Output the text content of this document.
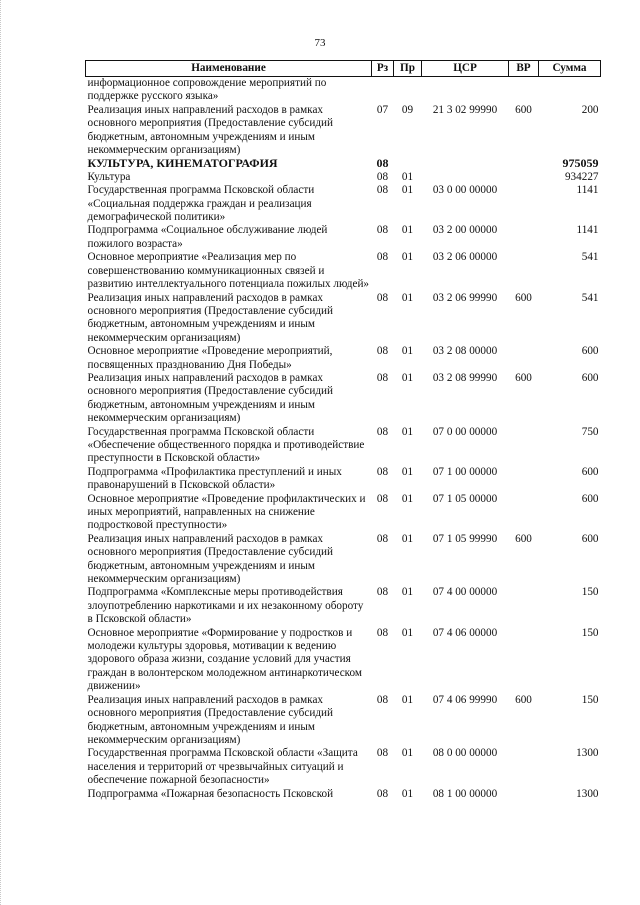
73
Наименование	Рз	Пр	ЦСР	ВР	Сумма
информационное сопровождение мероприятий по поддержке русского языка»					
Реализация иных направлений расходов в рамках основного мероприятия (Предоставление субсидий бюджетным, автономным учреждениям и иным некоммерческим организациям)	07	09	21 3 02 99990	600	200
КУЛЬТУРА, КИНЕМАТОГРАФИЯ	08				975059
Культура	08	01			934227
Государственная программа Псковской области «Социальная поддержка граждан и реализация демографической политики»	08	01	03 0 00 00000		1141
Подпрограмма «Социальное обслуживание людей пожилого возраста»	08	01	03 2 00 00000		1141
Основное мероприятие «Реализация мер по совершенствованию коммуникационных связей и развитию интеллектуального потенциала пожилых людей»	08	01	03 2 06 00000		541
Реализация иных направлений расходов в рамках основного мероприятия (Предоставление субсидий бюджетным, автономным учреждениям и иным некоммерческим организациям)	08	01	03 2 06 99990	600	541
Основное мероприятие «Проведение мероприятий, посвященных празднованию Дня Победы»	08	01	03 2 08 00000		600
Реализация иных направлений расходов в рамках основного мероприятия (Предоставление субсидий бюджетным, автономным учреждениям и иным некоммерческим организациям)	08	01	03 2 08 99990	600	600
Государственная программа Псковской области «Обеспечение общественного порядка и противодействие преступности в Псковской области»	08	01	07 0 00 00000		750
Подпрограмма «Профилактика преступлений и иных правонарушений в Псковской области»	08	01	07 1 00 00000		600
Основное мероприятие «Проведение профилактических и иных мероприятий, направленных на снижение подростковой преступности»	08	01	07 1 05 00000		600
Реализация иных направлений расходов в рамках основного мероприятия (Предоставление субсидий бюджетным, автономным учреждениям и иным некоммерческим организациям)	08	01	07 1 05 99990	600	600
Подпрограмма «Комплексные меры противодействия злоупотреблению наркотиками и их незаконному обороту в Псковской области»	08	01	07 4 00 00000		150
Основное мероприятие «Формирование у подростков и молодежи культуры здоровья, мотивации к ведению здорового образа жизни, создание условий для участия граждан в волонтерском молодежном антинаркотическом движении»	08	01	07 4 06 00000		150
Реализация иных направлений расходов в рамках основного мероприятия (Предоставление субсидий бюджетным, автономным учреждениям и иным некоммерческим организациям)	08	01	07 4 06 99990	600	150
Государственная программа Псковской области «Защита населения и территорий от чрезвычайных ситуаций и обеспечение пожарной безопасности»	08	01	08 0 00 00000		1300
Подпрограмма «Пожарная безопасность Псковской	08	01	08 1 00 00000		1300
